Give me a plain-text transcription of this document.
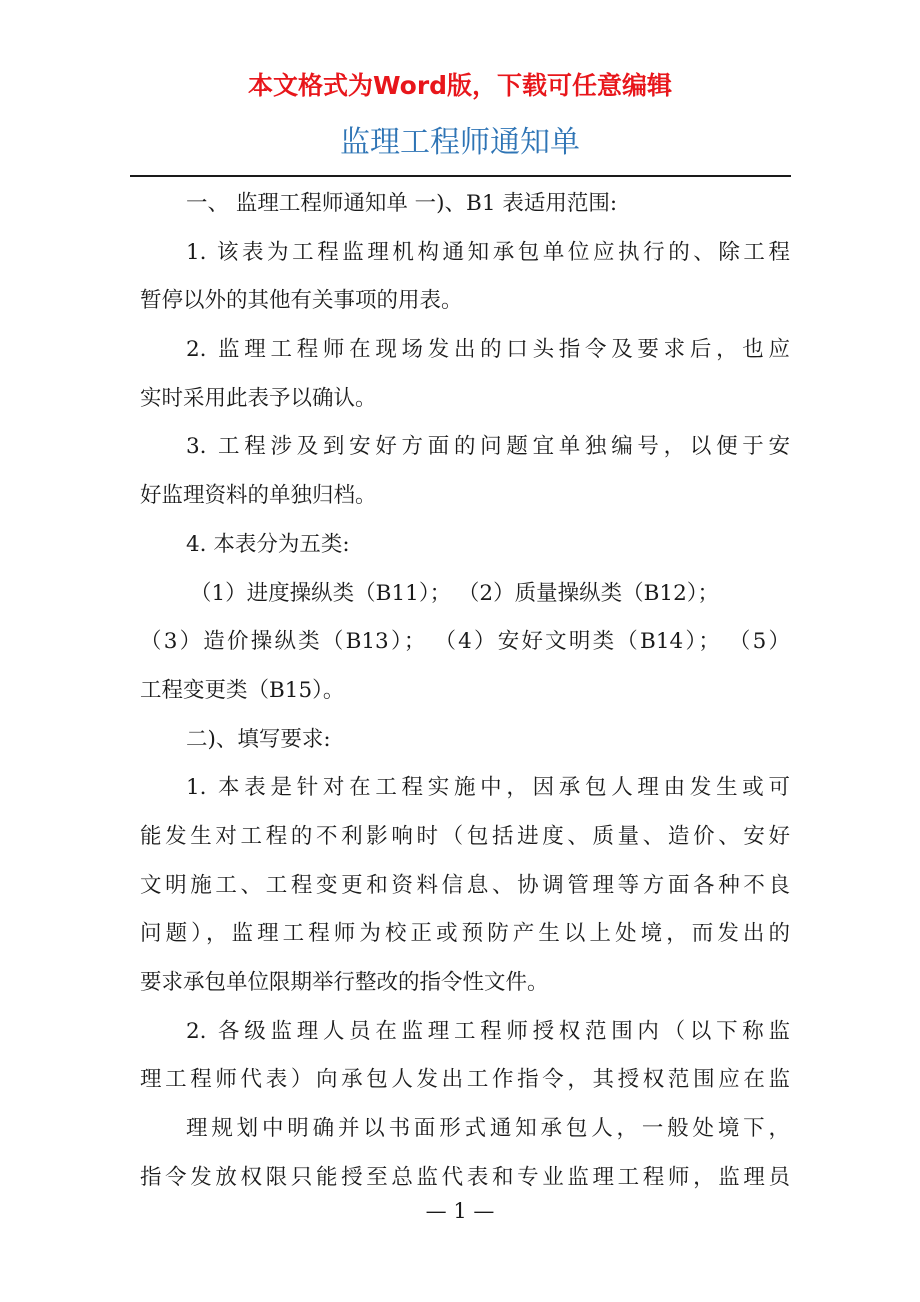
本文格式为Word版，下载可任意编辑
监理工程师通知单
一、 监理工程师通知单 一)、B1 表适用范围:
1. 该表为工程监理机构通知承包单位应执行的、除工程
暂停以外的其他有关事项的用表。
2. 监理工程师在现场发出的口头指令及要求后，也应
实时采用此表予以确认。
3. 工程涉及到安好方面的问题宜单独编号，以便于安
好监理资料的单独归档。
4. 本表分为五类:
（1）进度操纵类（B11）； （2）质量操纵类（B12）；
（3）造价操纵类（B13）； （4）安好文明类（B14）； （5）
工程变更类（B15）。
二)、填写要求:
1. 本表是针对在工程实施中，因承包人理由发生或可
能发生对工程的不利影响时（包括进度、质量、造价、安好
文明施工、工程变更和资料信息、协调管理等方面各种不良
问题），监理工程师为校正或预防产生以上处境，而发出的
要求承包单位限期举行整改的指令性文件。
2. 各级监理人员在监理工程师授权范围内（以下称监
理工程师代表）向承包人发出工作指令，其授权范围应在监
理规划中明确并以书面形式通知承包人，一般处境下，
指令发放权限只能授至总监代表和专业监理工程师，监理员
— 1 —
